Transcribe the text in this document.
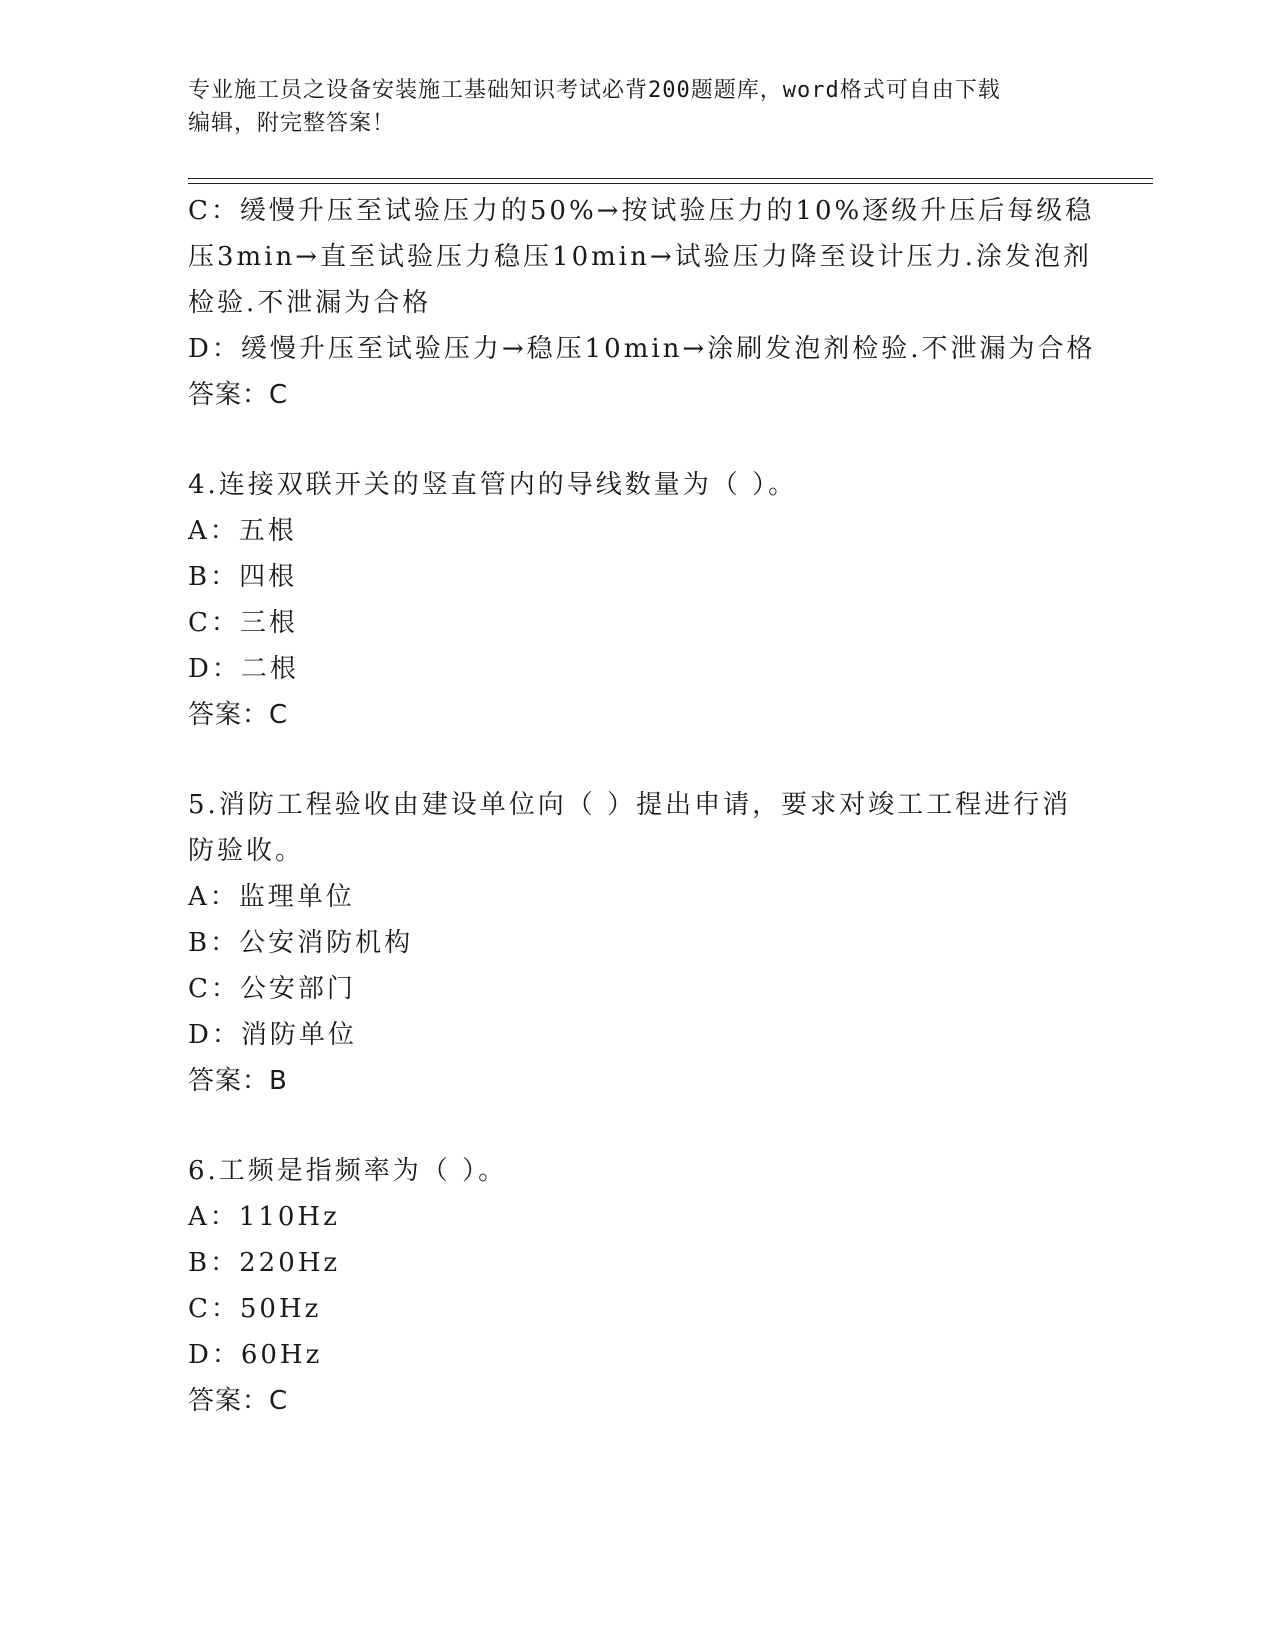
专业施工员之设备安装施工基础知识考试必背200题题库，word格式可自由下载
编辑，附完整答案！
C：缓慢升压至试验压力的50%→按试验压力的10%逐级升压后每级稳
压3min→直至试验压力稳压10min→试验压力降至设计压力.涂发泡剂
检验.不泄漏为合格
D：缓慢升压至试验压力→稳压10min→涂刷发泡剂检验.不泄漏为合格
答案：C
4.连接双联开关的竖直管内的导线数量为（ ）。
A：五根
B：四根
C：三根
D：二根
答案：C
5.消防工程验收由建设单位向（ ）提出申请，要求对竣工工程进行消
防验收。
A：监理单位
B：公安消防机构
C：公安部门
D：消防单位
答案：B
6.工频是指频率为（ ）。
A：110Hz
B：220Hz
C：50Hz
D：60Hz
答案：C
